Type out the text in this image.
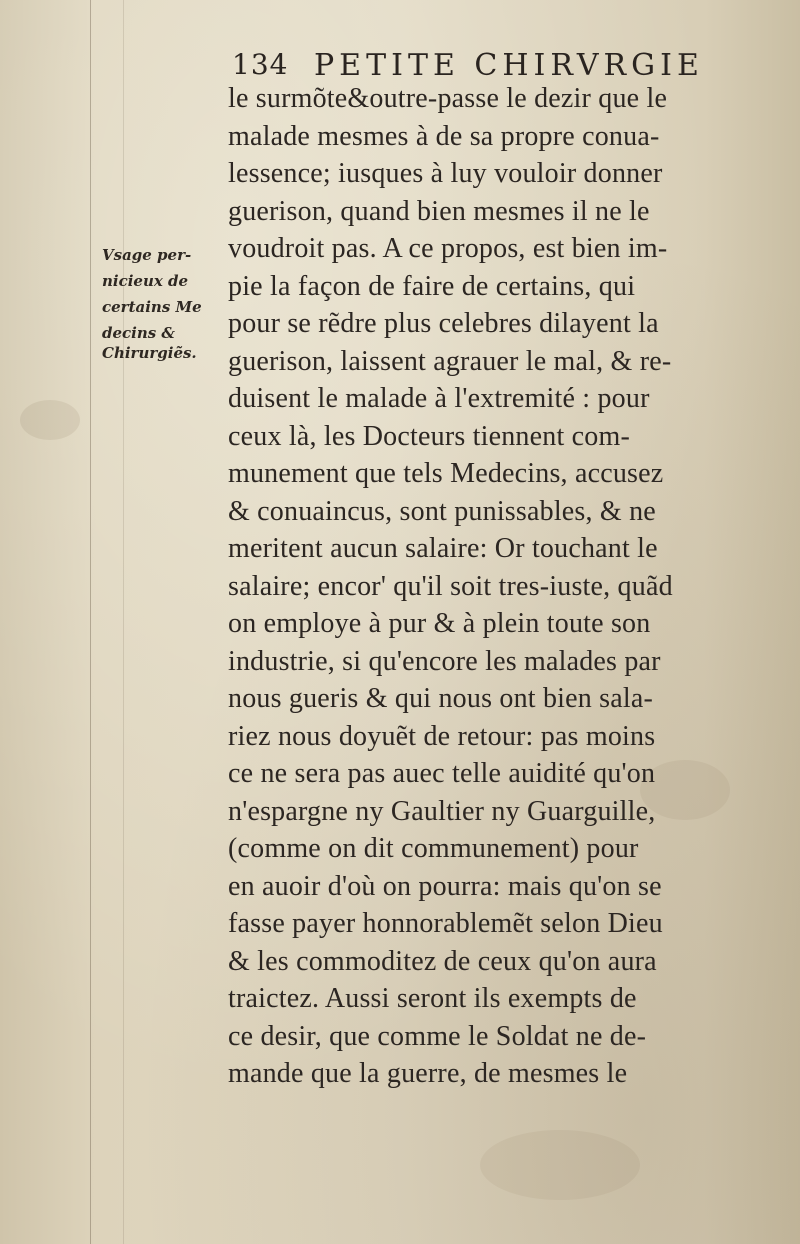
134 PETITE CHIRVRGIE
Vsage per-
nicieux de
certains Me
decins &
Chirurgiẽs.
le surmõte&outre-passe le dezir que le
malade mesmes à de sa propre conua-
lessence; iusques à luy vouloir donner
guerison, quand bien mesmes il ne le
voudroit pas. A ce propos, est bien im-
pie la façon de faire de certains, qui
pour se rẽdre plus celebres dilayent la
guerison, laissent agrauer le mal, & re-
duisent le malade à l'extremité : pour
ceux là, les Docteurs tiennent com-
munement que tels Medecins, accusez
& conuaincus, sont punissables, & ne
meritent aucun salaire: Or touchant le
salaire; encor' qu'il soit tres-iuste, quãd
on employe à pur & à plein toute son
industrie, si qu'encore les malades par
nous gueris & qui nous ont bien sala-
riez nous doyuẽt de retour: pas moins
ce ne sera pas auec telle auidité qu'on
n'espargne ny Gaultier ny Guarguille,
(comme on dit communement) pour
en auoir d'où on pourra: mais qu'on se
fasse payer honnorablemẽt selon Dieu
& les commoditez de ceux qu'on aura
traictez. Aussi seront ils exempts de
ce desir, que comme le Soldat ne de-
mande que la guerre, de mesmes le
